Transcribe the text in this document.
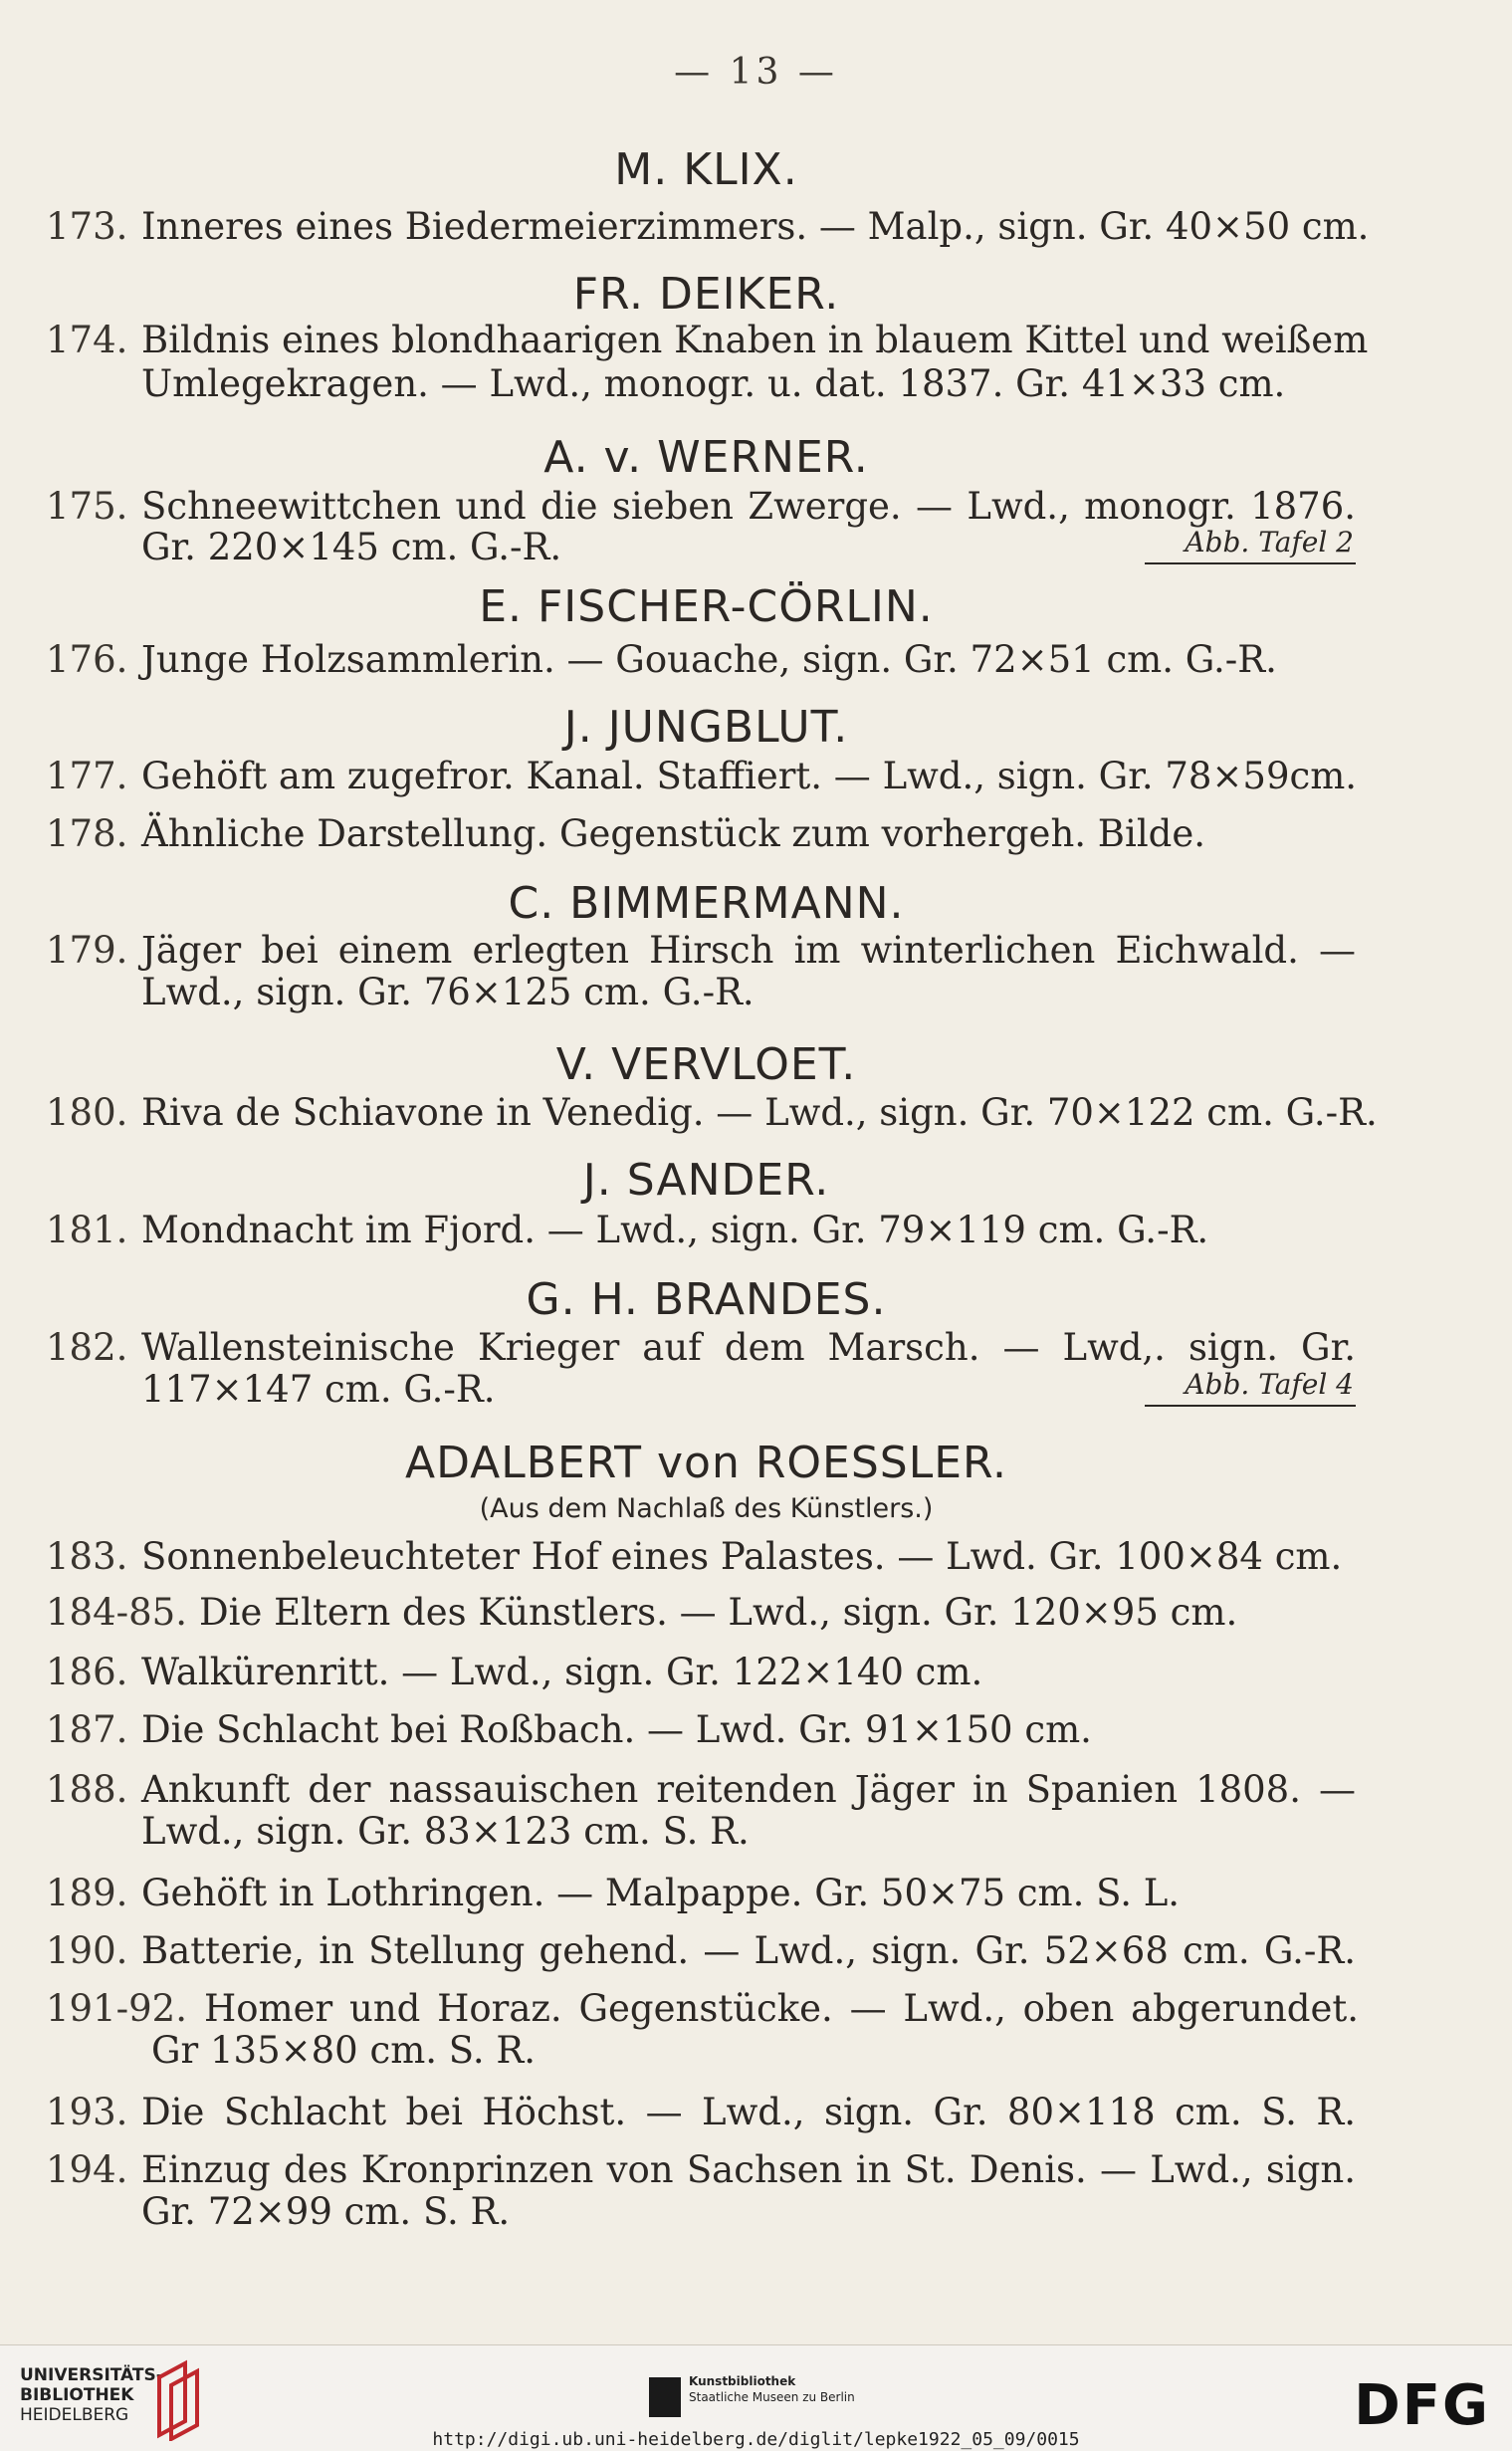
— 13 —
M. KLIX.
173. Inneres eines Biedermeierzimmers. — Malp., sign. Gr. 40×50 cm.
FR. DEIKER.
174. Bildnis eines blondhaarigen Knaben in blauem Kittel und weißem
Umlegekragen. — Lwd., monogr. u. dat. 1837. Gr. 41×33 cm.
A. v. WERNER.
175. Schneewittchen und die sieben Zwerge. — Lwd., monogr. 1876.
Gr. 220×145 cm. G.-R.	Abb. Tafel 2
E. FISCHER-CÖRLIN.
176. Junge Holzsammlerin. — Gouache, sign. Gr. 72×51 cm. G.-R.
J. JUNGBLUT.
177. Gehöft am zugefror. Kanal. Staffiert. — Lwd., sign. Gr. 78×59cm.
178. Ähnliche Darstellung. Gegenstück zum vorhergeh. Bilde.
C. BIMMERMANN.
179. Jäger bei einem erlegten Hirsch im winterlichen Eichwald. —
Lwd., sign. Gr. 76×125 cm. G.-R.
V. VERVLOET.
180. Riva de Schiavone in Venedig. — Lwd., sign. Gr. 70×122 cm. G.-R.
J. SANDER.
181. Mondnacht im Fjord. — Lwd., sign. Gr. 79×119 cm. G.-R.
G. H. BRANDES.
182. Wallensteinische Krieger auf dem Marsch. — Lwd,. sign. Gr.
117×147 cm. G.-R.	Abb. Tafel 4
ADALBERT von ROESSLER.
(Aus dem Nachlaß des Künstlers.)
183. Sonnenbeleuchteter Hof eines Palastes. — Lwd. Gr. 100×84 cm.
184-85. Die Eltern des Künstlers. — Lwd., sign. Gr. 120×95 cm.
186. Walkürenritt. — Lwd., sign. Gr. 122×140 cm.
187. Die Schlacht bei Roßbach. — Lwd. Gr. 91×150 cm.
188. Ankunft der nassauischen reitenden Jäger in Spanien 1808. —
Lwd., sign. Gr. 83×123 cm. S. R.
189. Gehöft in Lothringen. — Malpappe. Gr. 50×75 cm. S. L.
190. Batterie, in Stellung gehend. — Lwd., sign. Gr. 52×68 cm. G.-R.
191-92. Homer und Horaz. Gegenstücke. — Lwd., oben abgerundet.
Gr 135×80 cm. S. R.
193. Die Schlacht bei Höchst. — Lwd., sign. Gr. 80×118 cm. S. R.
194. Einzug des Kronprinzen von Sachsen in St. Denis. — Lwd., sign.
Gr. 72×99 cm. S. R.
UNIVERSITÄTS-
BIBLIOTHEK
HEIDELBERG
Kunstbibliothek
Staatliche Museen zu Berlin	DFG
http://digi.ub.uni-heidelberg.de/diglit/lepke1922_05_09/0015
